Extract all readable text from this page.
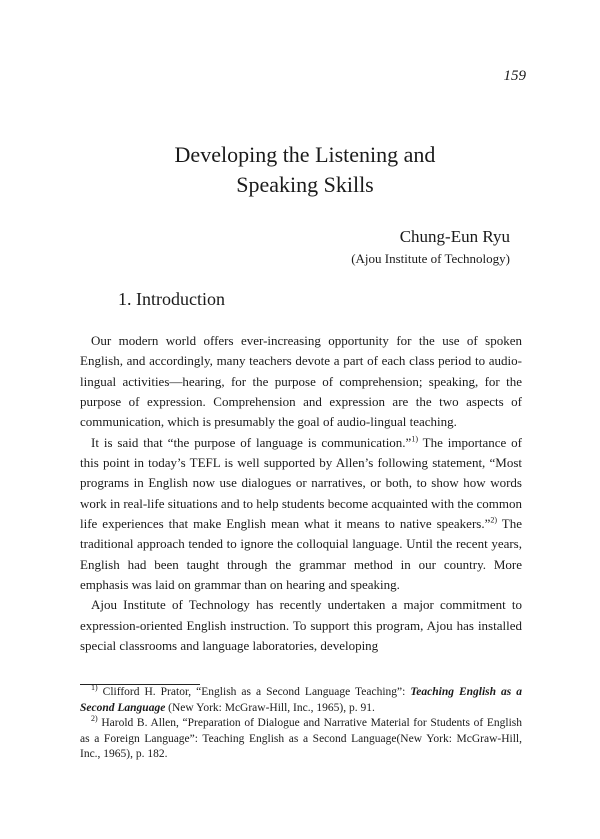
159
Developing the Listening and
Speaking Skills
Chung-Eun Ryu
(Ajou Institute of Technology)
1. Introduction

Our modern world offers ever-increasing opportunity for the use of spoken English, and accordingly, many teachers devote a part of each class period to audio-lingual activities—hearing, for the purpose of comprehension; speaking, for the purpose of expression. Comprehension and expression are the two aspects of communication, which is presumably the goal of audio-lingual teaching.

It is said that “the purpose of language is communication.”$^{1)}$ The importance of this point in today’s TEFL is well supported by Allen’s following statement, “Most programs in English now use dialogues or narratives, or both, to show how words work in real-life situations and to help students become acquainted with the common life experiences that make English mean what it means to native speakers.”$^{2)}$ The traditional approach tended to ignore the colloquial language. Until the recent years, English had been taught through the grammar method in our country. More emphasis was laid on grammar than on hearing and speaking.

Ajou Institute of Technology has recently undertaken a major commitment to expression-oriented English instruction. To support this program, Ajou has installed special classrooms and language laboratories, developing

$^{1)}$ Clifford H. Prator, “English as a Second Language Teaching”: Teaching English as a Second Language (New York: McGraw-Hill, Inc., 1965), p. 91.

$^{2)}$ Harold B. Allen, “Preparation of Dialogue and Narrative Material for Students of English as a Foreign Language”: Teaching English as a Second Language(New York: McGraw-Hill, Inc., 1965), p. 182.
